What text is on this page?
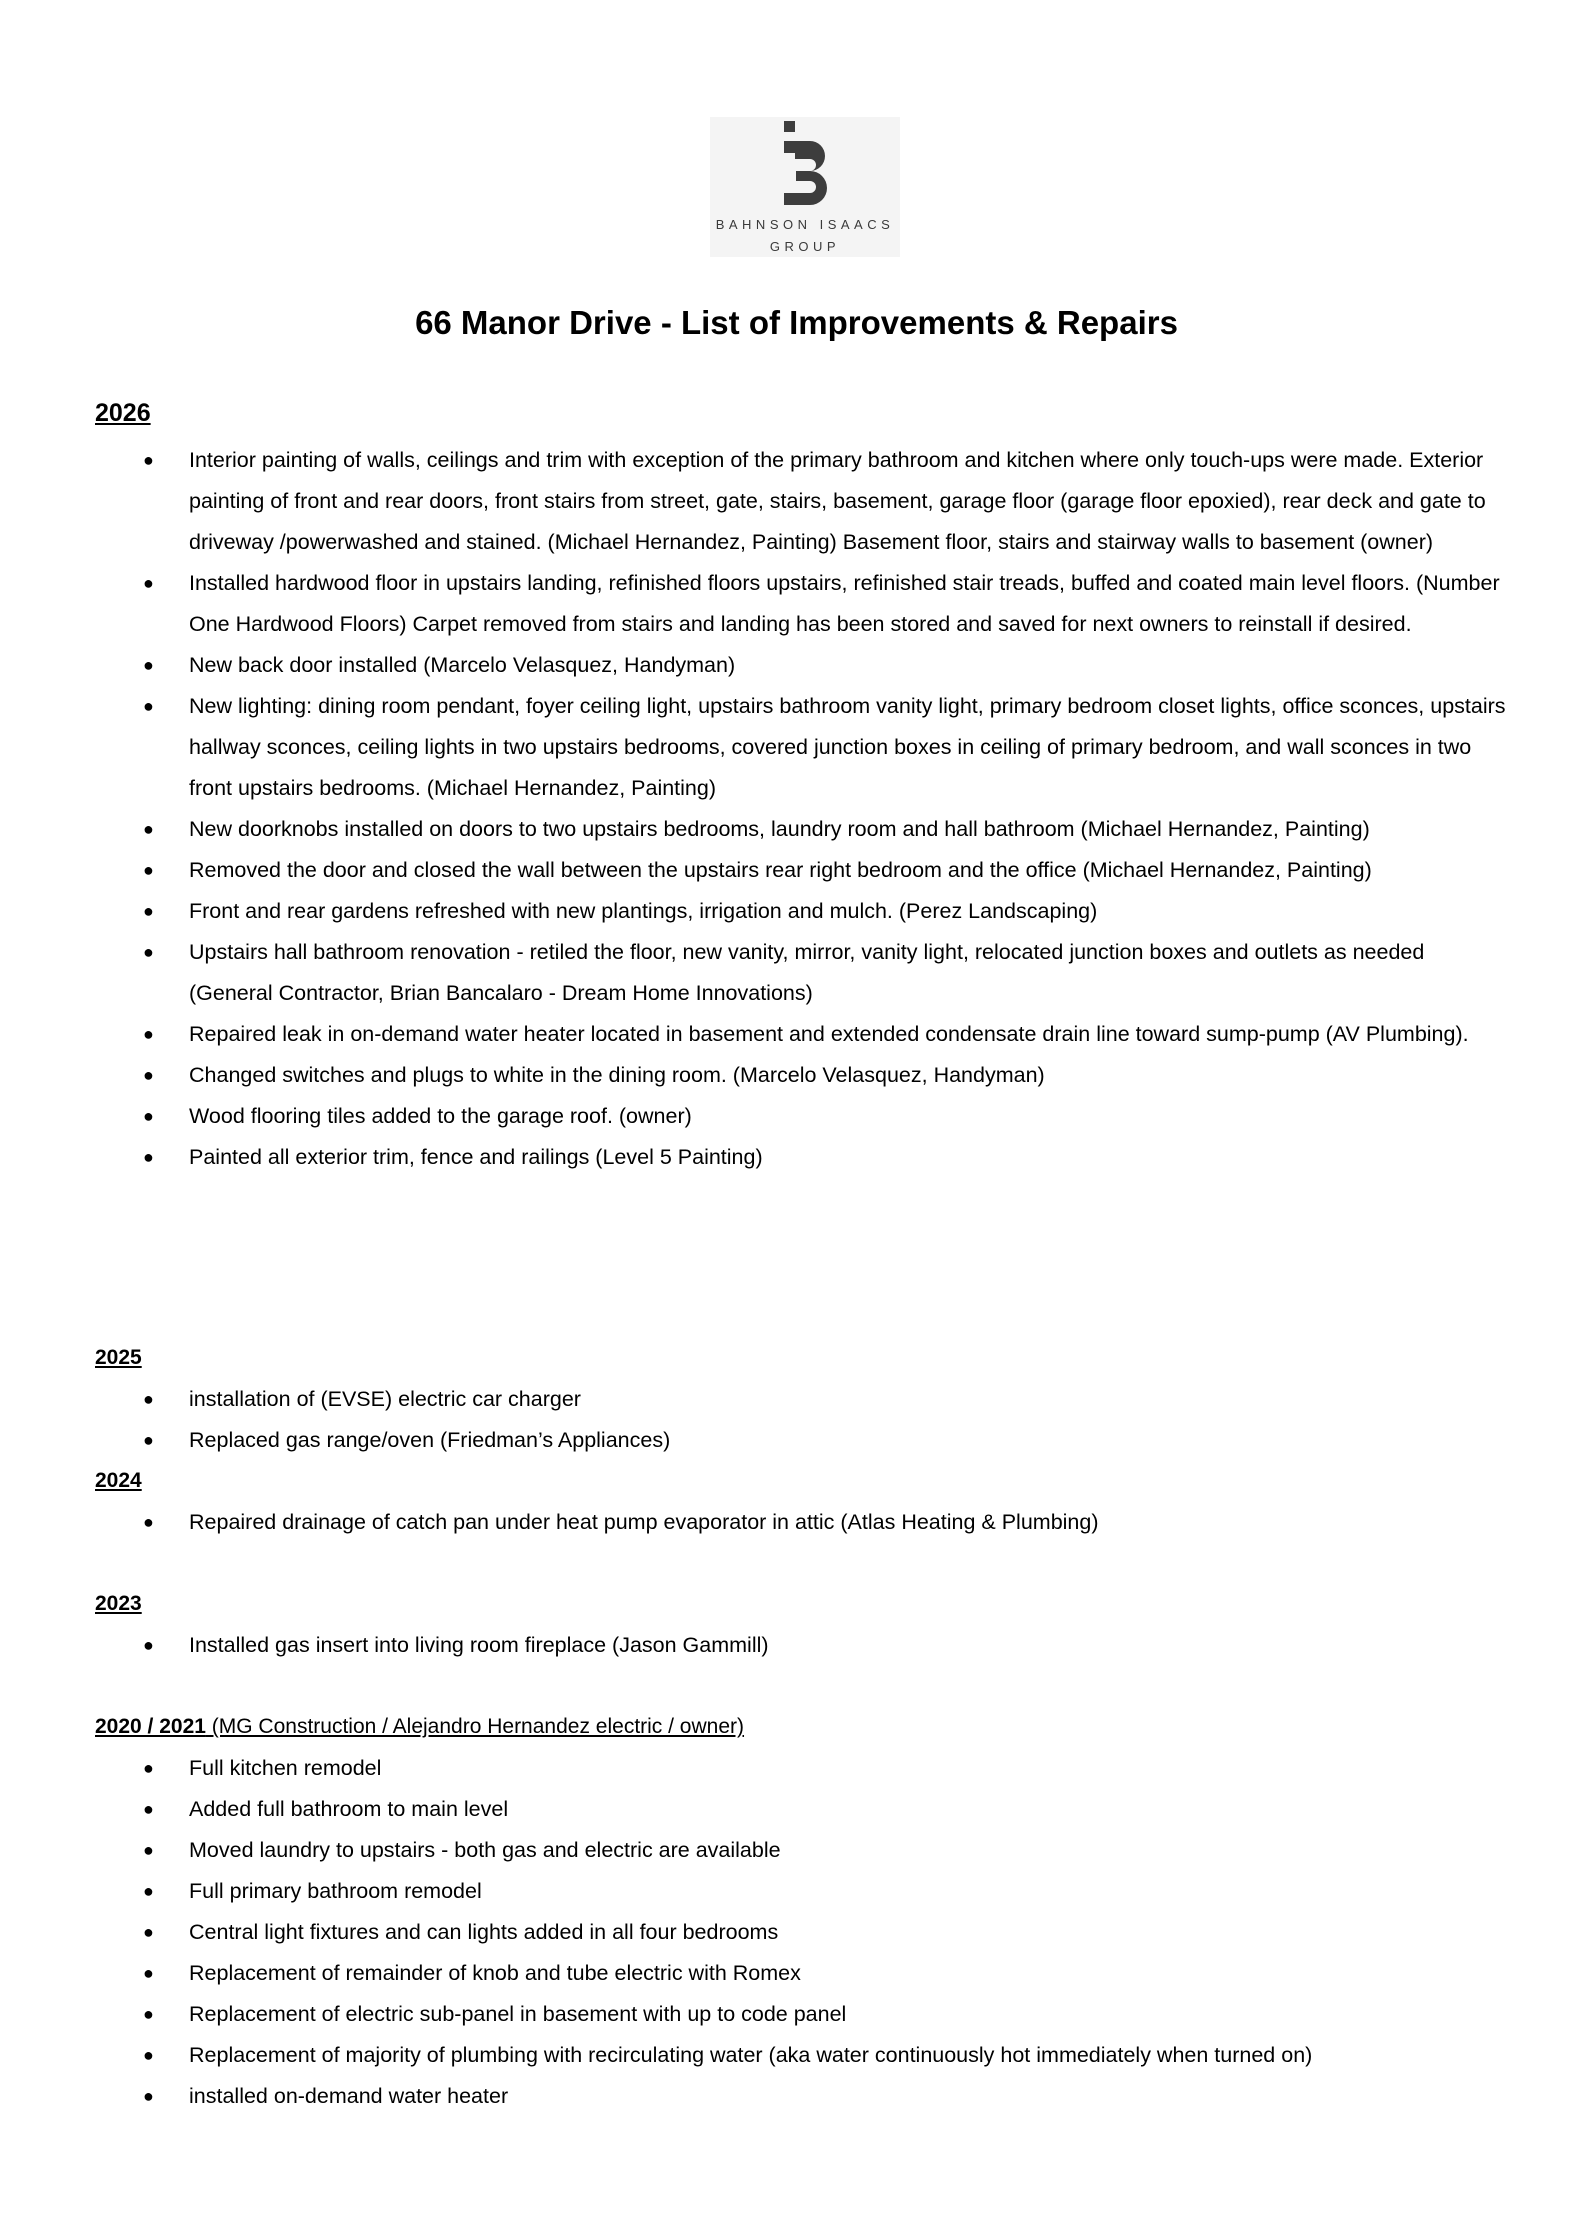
BAHNSON ISAACS
GROUP
66 Manor Drive - List of Improvements & Repairs
2026
● Interior painting of walls, ceilings and trim with exception of the primary bathroom and kitchen where only touch-ups were made. Exterior painting of front and rear doors, front stairs from street, gate, stairs, basement, garage floor (garage floor epoxied), rear deck and gate to driveway /powerwashed and stained. (Michael Hernandez, Painting) Basement floor, stairs and stairway walls to basement (owner)
● Installed hardwood floor in upstairs landing, refinished floors upstairs, refinished stair treads, buffed and coated main level floors. (Number One Hardwood Floors) Carpet removed from stairs and landing has been stored and saved for next owners to reinstall if desired.
● New back door installed (Marcelo Velasquez, Handyman)
● New lighting: dining room pendant, foyer ceiling light, upstairs bathroom vanity light, primary bedroom closet lights, office sconces, upstairs hallway sconces, ceiling lights in two upstairs bedrooms, covered junction boxes in ceiling of primary bedroom, and wall sconces in two front upstairs bedrooms. (Michael Hernandez, Painting)
● New doorknobs installed on doors to two upstairs bedrooms, laundry room and hall bathroom (Michael Hernandez, Painting)
● Removed the door and closed the wall between the upstairs rear right bedroom and the office (Michael Hernandez, Painting)
● Front and rear gardens refreshed with new plantings, irrigation and mulch. (Perez Landscaping)
● Upstairs hall bathroom renovation - retiled the floor, new vanity, mirror, vanity light, relocated junction boxes and outlets as needed (General Contractor, Brian Bancalaro - Dream Home Innovations)
● Repaired leak in on-demand water heater located in basement and extended condensate drain line toward sump-pump (AV Plumbing).
● Changed switches and plugs to white in the dining room. (Marcelo Velasquez, Handyman)
● Wood flooring tiles added to the garage roof. (owner)
● Painted all exterior trim, fence and railings (Level 5 Painting)
2025
● installation of (EVSE) electric car charger
● Replaced gas range/oven (Friedman’s Appliances)
2024
● Repaired drainage of catch pan under heat pump evaporator in attic (Atlas Heating & Plumbing)
2023
● Installed gas insert into living room fireplace (Jason Gammill)
2020 / 2021 (MG Construction / Alejandro Hernandez electric / owner)
● Full kitchen remodel
● Added full bathroom to main level
● Moved laundry to upstairs - both gas and electric are available
● Full primary bathroom remodel
● Central light fixtures and can lights added in all four bedrooms
● Replacement of remainder of knob and tube electric with Romex
● Replacement of electric sub-panel in basement with up to code panel
● Replacement of majority of plumbing with recirculating water (aka water continuously hot immediately when turned on)
● installed on-demand water heater
